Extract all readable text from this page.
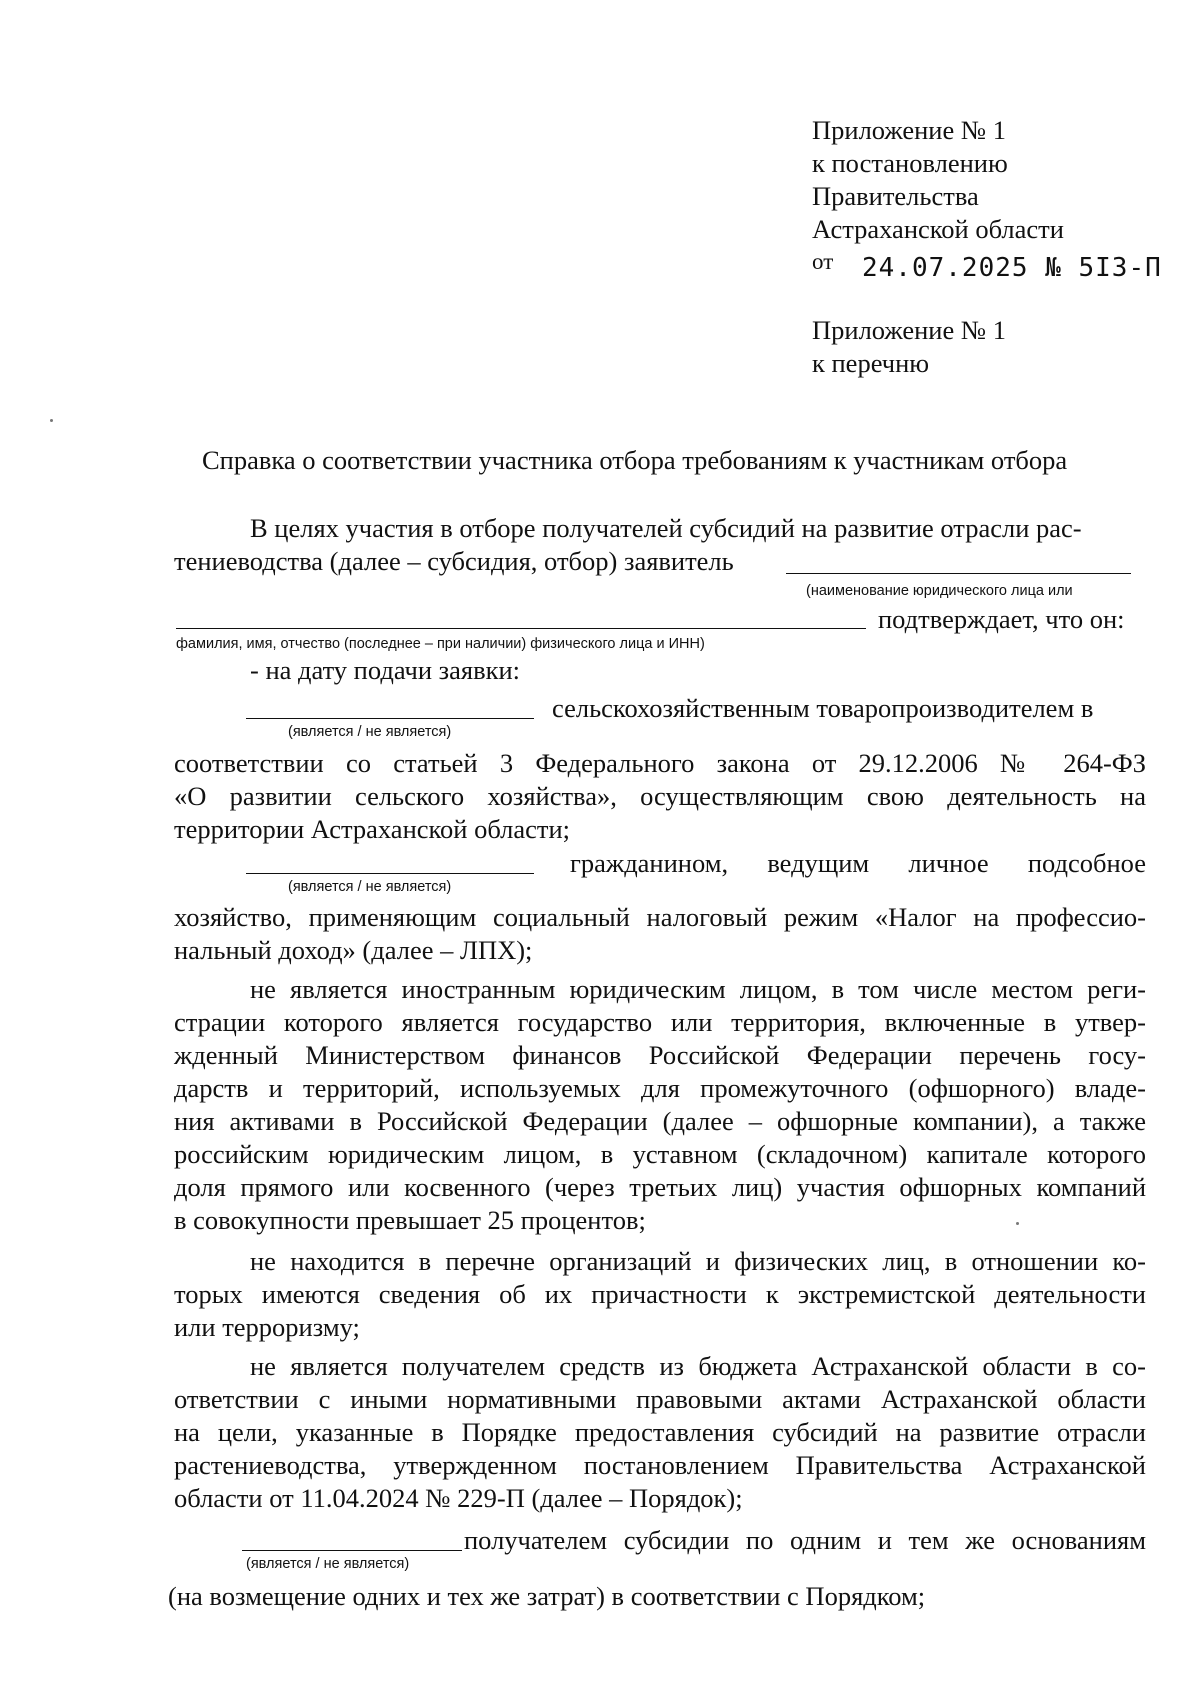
Приложение № 1
к постановлению
Правительства
Астраханской области
от 24.07.2025 № 5I3-П
Приложение № 1
к перечню
Справка о соответствии участника отбора требованиям к участникам отбора
В целях участия в отборе получателей субсидий на развитие отрасли рас-
тениеводства (далее – субсидия, отбор) заявитель
(наименование юридического лица или
подтверждает, что он:
фамилия, имя, отчество (последнее – при наличии) физического лица и ИНН)
- на дату подачи заявки:
сельскохозяйственным товаропроизводителем в
(является / не является)
соответствии со статьей 3 Федерального закона от 29.12.2006 № 264-ФЗ
«О развитии сельского хозяйства», осуществляющим свою деятельность на
территории Астраханской области;
гражданином, ведущим личное подсобное
(является / не является)
хозяйство, применяющим социальный налоговый режим «Налог на профессио-
нальный доход» (далее – ЛПХ);
не является иностранным юридическим лицом, в том числе местом реги-
страции которого является государство или территория, включенные в утвер-
жденный Министерством финансов Российской Федерации перечень госу-
дарств и территорий, используемых для промежуточного (офшорного) владе-
ния активами в Российской Федерации (далее – офшорные компании), а также
российским юридическим лицом, в уставном (складочном) капитале которого
доля прямого или косвенного (через третьих лиц) участия офшорных компаний
в совокупности превышает 25 процентов;
не находится в перечне организаций и физических лиц, в отношении ко-
торых имеются сведения об их причастности к экстремистской деятельности
или терроризму;
не является получателем средств из бюджета Астраханской области в со-
ответствии с иными нормативными правовыми актами Астраханской области
на цели, указанные в Порядке предоставления субсидий на развитие отрасли
растениеводства, утвержденном постановлением Правительства Астраханской
области от 11.04.2024 № 229-П (далее – Порядок);
получателем субсидии по одним и тем же основаниям
(является / не является)
(на возмещение одних и тех же затрат) в соответствии с Порядком;
